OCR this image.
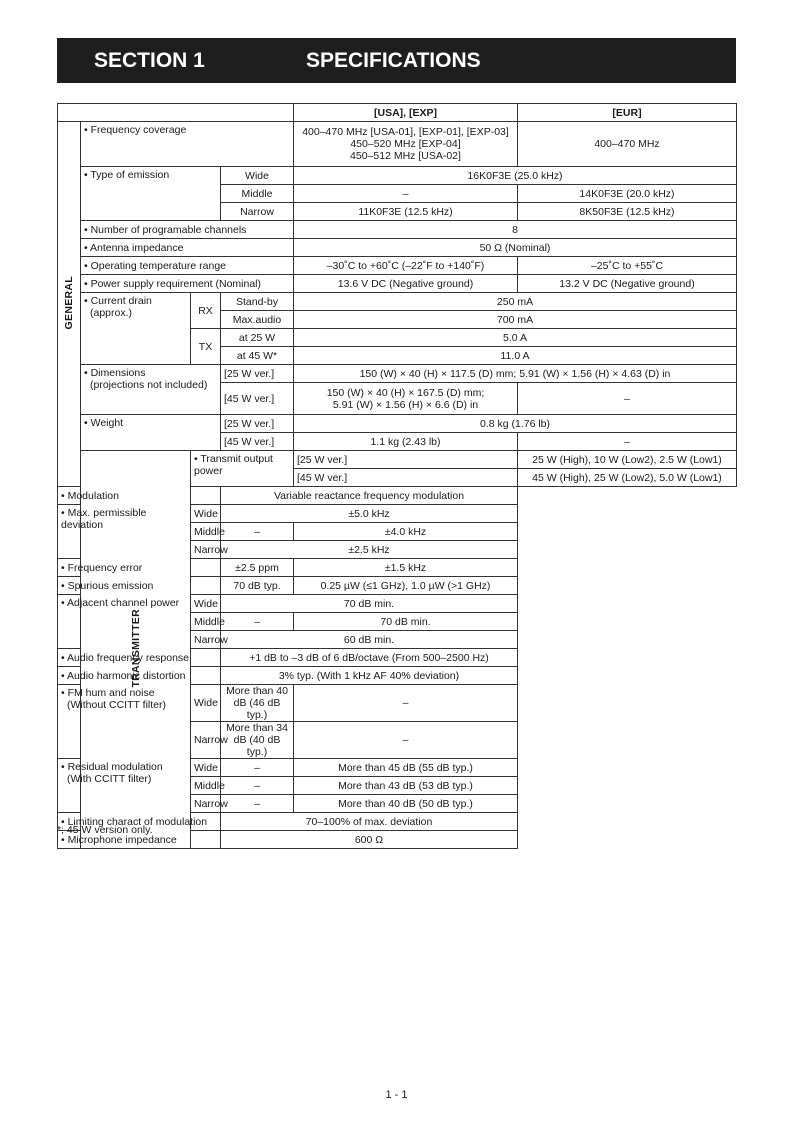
SECTION 1	SPECIFICATIONS
				[USA], [EXP]	[EUR]	
GENERAL	• Frequency coverage			400–470 MHz [USA-01], [EXP-01], [EXP-03]
450–520 MHz [EXP-04]
450–512 MHz [USA-02]	400–470 MHz	
	• Type of emission		Wide	16K0F3E (25.0 kHz)		
			Middle	–	14K0F3E (20.0 kHz)	
			Narrow	11K0F3E (12.5 kHz)	8K50F3E (12.5 kHz)	
	• Number of programable channels			8		
	• Antenna impedance			50 Ω (Nominal)		
	• Operating temperature range			–30˚C to +60˚C (–22˚F to +140˚F)	–25˚C to +55˚C	
	• Power supply requirement (Nominal)			13.6 V DC (Negative ground)	13.2 V DC (Negative ground)	

	• Current drain
(approx.)	RX	Stand-by	250 mA		
			Max.audio	700 mA		
		TX	at 25 W	5.0 A		
			at 45 W*	11.0 A		

	• Dimensions
(projections not included)		[25 W ver.]	150 (W) × 40 (H) × 117.5 (D) mm; 5.91 (W) × 1.56 (H) × 4.63 (D) in		
			[45 W ver.]	150 (W) × 40 (H) × 167.5 (D) mm;
5.91 (W) × 1.56 (H) × 6.6 (D) in	–	
	• Weight		[25 W ver.]	0.8 kg (1.76 lb)		
			[45 W ver.]	1.1 kg (2.43 lb)	–	
	TRANSMITTER	• Transmit output power		[25 W ver.]	25 W (High), 10 W (Low2), 2.5 W (Low1)	
				[45 W ver.]	45 W (High), 25 W (Low2), 5.0 W (Low1)	
• Modulation			Variable reactance frequency modulation			
• Max. permissible deviation		Wide	±5.0 kHz			
		Middle	–	±4.0 kHz		
		Narrow	±2.5 kHz			
• Frequency error			±2.5 ppm	±1.5 kHz		
• Spurious emission			70 dB typ.	0.25 µW (≤1 GHz), 1.0 µW (>1 GHz)		
• Adjacent channel power		Wide	70 dB min.			
		Middle	–	70 dB min.		
		Narrow	60 dB min.			
• Audio frequency response			+1 dB to –3 dB of 6 dB/octave (From 500–2500 Hz)			
• Audio harmonic distortion			3% typ. (With 1 kHz AF 40% deviation)			

• FM hum and noise
(Without CCITT filter)		Wide	More than 40 dB (46 dB typ.)	–		
		Narrow	More than 34 dB (40 dB typ.)	–		

• Residual modulation
(With CCITT filter)		Wide	–	More than 45 dB (55 dB typ.)		
		Middle	–	More than 43 dB (53 dB typ.)		
		Narrow	–	More than 40 dB (50 dB typ.)		
• Limiting charact of modulation			70–100% of max. deviation			
• Microphone impedance			600 Ω			
*; 45 W version only.
1 - 1
